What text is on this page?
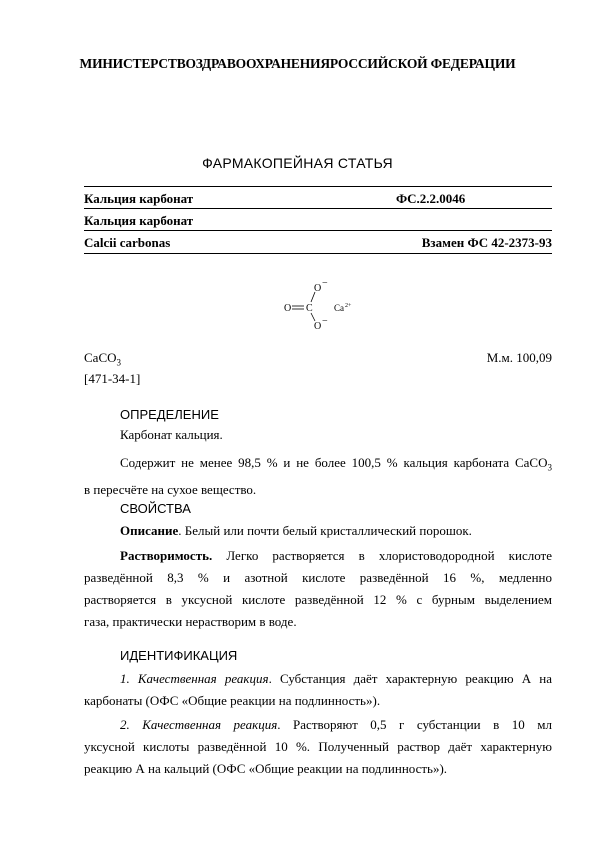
МИНИСТЕРСТВОЗДРАВООХРАНЕНИЯРОССИЙСКОЙ ФЕДЕРАЦИИ
ФАРМАКОПЕЙНАЯ СТАТЬЯ
Кальция карбонат	ФС.2.2.0046
Кальция карбонат
Calcii carbonas	Взамен ФС 42-2373-93
O C
O −
O −
Ca 2+
CaCO$_3$
[471-34-1]
М.м. 100,09
ОПРЕДЕЛЕНИЕ
Карбонат кальция.
Содержит не менее 98,5 % и не более 100,5 % кальция карбоната CaCO$_3$
в пересчёте на сухое вещество.
СВОЙСТВА
Описание. Белый или почти белый кристаллический порошок.
Растворимость. Легко растворяется в хлористоводородной кислоте
разведённой 8,3 % и азотной кислоте разведённой 16 %, медленно
растворяется в уксусной кислоте разведённой 12 % с бурным выделением
газа, практически нерастворим в воде.
ИДЕНТИФИКАЦИЯ
1. Качественная реакция. Субстанция даёт характерную реакцию А на
карбонаты (ОФС «Общие реакции на подлинность»).
2. Качественная реакция. Растворяют 0,5 г субстанции в 10 мл
уксусной кислоты разведённой 10 %. Полученный раствор даёт характерную
реакцию А на кальций (ОФС «Общие реакции на подлинность»).
